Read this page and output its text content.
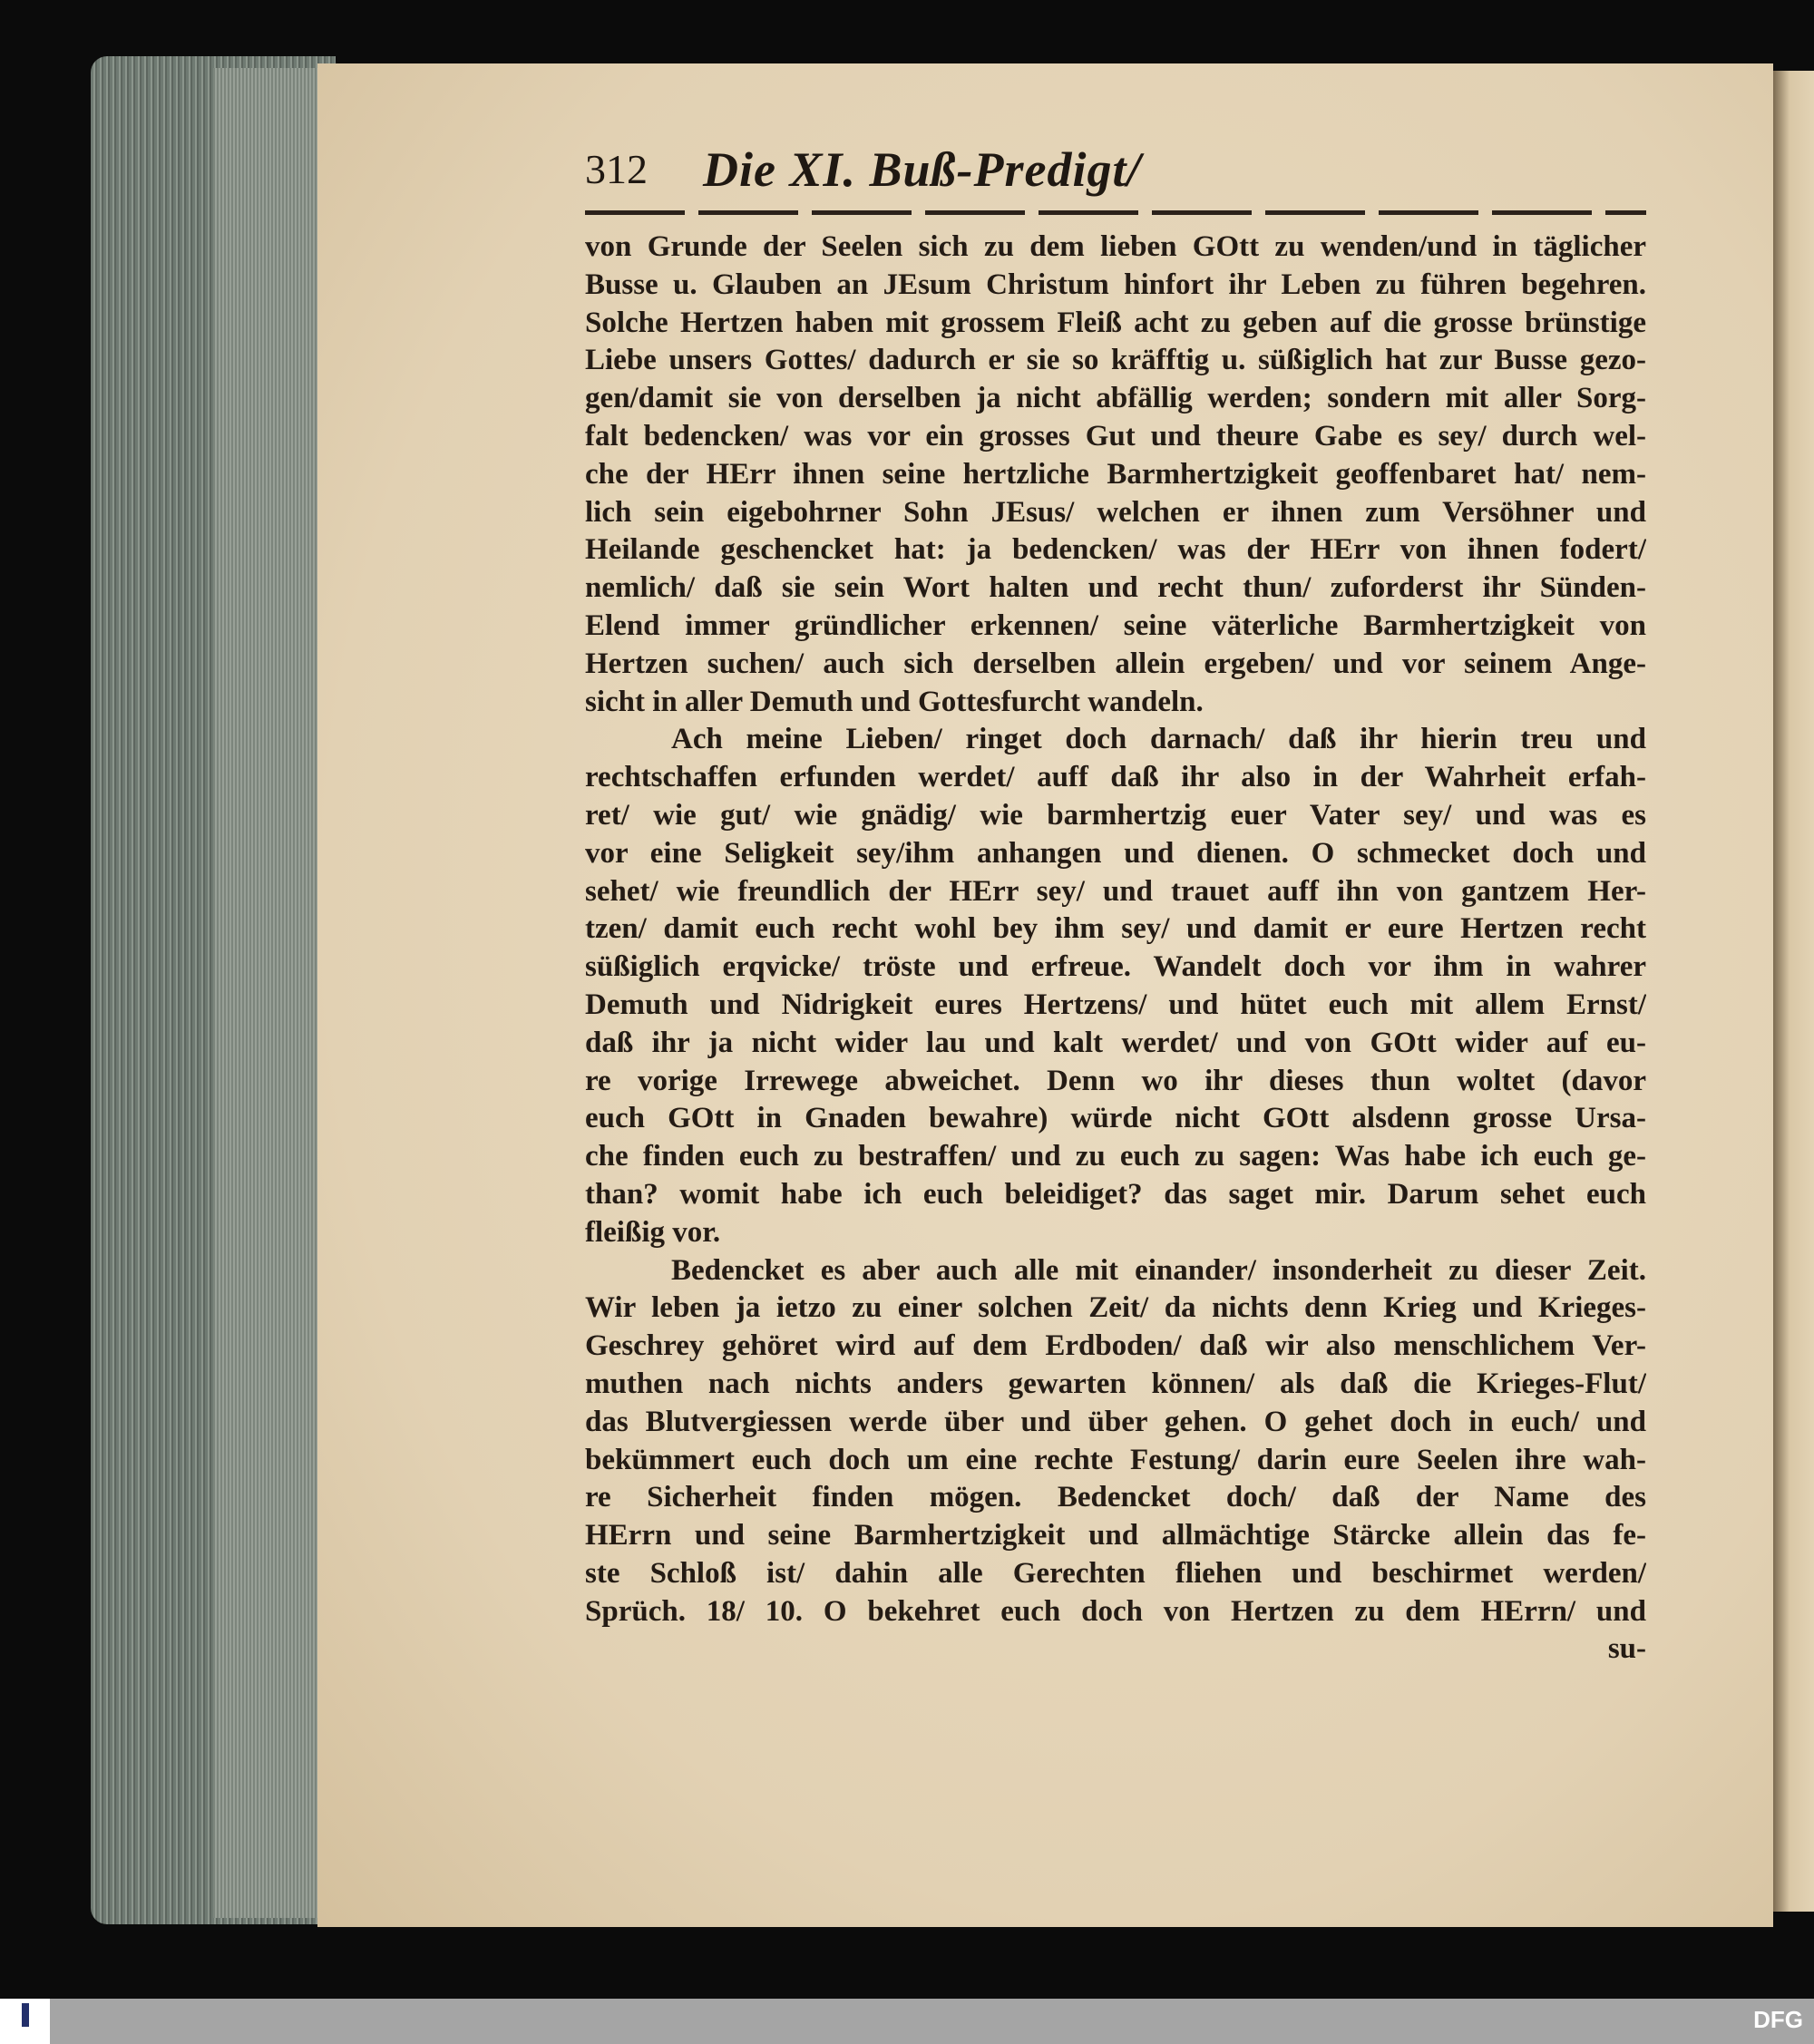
312 Die XI. Buß-Predigt/
von Grunde der Seelen sich zu dem lieben GOtt zu wenden/und in täglicher
Busse u. Glauben an JEsum Christum hinfort ihr Leben zu führen begehren.
Solche Hertzen haben mit grossem Fleiß acht zu geben auf die grosse brünstige
Liebe unsers Gottes/ dadurch er sie so kräfftig u. süßiglich hat zur Busse gezo-
gen/damit sie von derselben ja nicht abfällig werden; sondern mit aller Sorg-
falt bedencken/ was vor ein grosses Gut und theure Gabe es sey/ durch wel-
che der HErr ihnen seine hertzliche Barmhertzigkeit geoffenbaret hat/ nem-
lich sein eigebohrner Sohn JEsus/ welchen er ihnen zum Versöhner und
Heilande geschencket hat: ja bedencken/ was der HErr von ihnen fodert/
nemlich/ daß sie sein Wort halten und recht thun/ zuforderst ihr Sünden-
Elend immer gründlicher erkennen/ seine väterliche Barmhertzigkeit von
Hertzen suchen/ auch sich derselben allein ergeben/ und vor seinem Ange-
sicht in aller Demuth und Gottesfurcht wandeln.
Ach meine Lieben/ ringet doch darnach/ daß ihr hierin treu und
rechtschaffen erfunden werdet/ auff daß ihr also in der Wahrheit erfah-
ret/ wie gut/ wie gnädig/ wie barmhertzig euer Vater sey/ und was es
vor eine Seligkeit sey/ihm anhangen und dienen. O schmecket doch und
sehet/ wie freundlich der HErr sey/ und trauet auff ihn von gantzem Her-
tzen/ damit euch recht wohl bey ihm sey/ und damit er eure Hertzen recht
süßiglich erqvicke/ tröste und erfreue. Wandelt doch vor ihm in wahrer
Demuth und Nidrigkeit eures Hertzens/ und hütet euch mit allem Ernst/
daß ihr ja nicht wider lau und kalt werdet/ und von GOtt wider auf eu-
re vorige Irrewege abweichet. Denn wo ihr dieses thun woltet (davor
euch GOtt in Gnaden bewahre) würde nicht GOtt alsdenn grosse Ursa-
che finden euch zu bestraffen/ und zu euch zu sagen: Was habe ich euch ge-
than? womit habe ich euch beleidiget? das saget mir. Darum sehet euch
fleißig vor.
Bedencket es aber auch alle mit einander/ insonderheit zu dieser Zeit.
Wir leben ja ietzo zu einer solchen Zeit/ da nichts denn Krieg und Krieges-
Geschrey gehöret wird auf dem Erdboden/ daß wir also menschlichem Ver-
muthen nach nichts anders gewarten können/ als daß die Krieges-Flut/
das Blutvergiessen werde über und über gehen. O gehet doch in euch/ und
bekümmert euch doch um eine rechte Festung/ darin eure Seelen ihre wah-
re Sicherheit finden mögen. Bedencket doch/ daß der Name des
HErrn und seine Barmhertzigkeit und allmächtige Stärcke allein das fe-
ste Schloß ist/ dahin alle Gerechten fliehen und beschirmet werden/
Sprüch. 18/ 10. O bekehret euch doch von Hertzen zu dem HErrn/ und
su-
DFG
